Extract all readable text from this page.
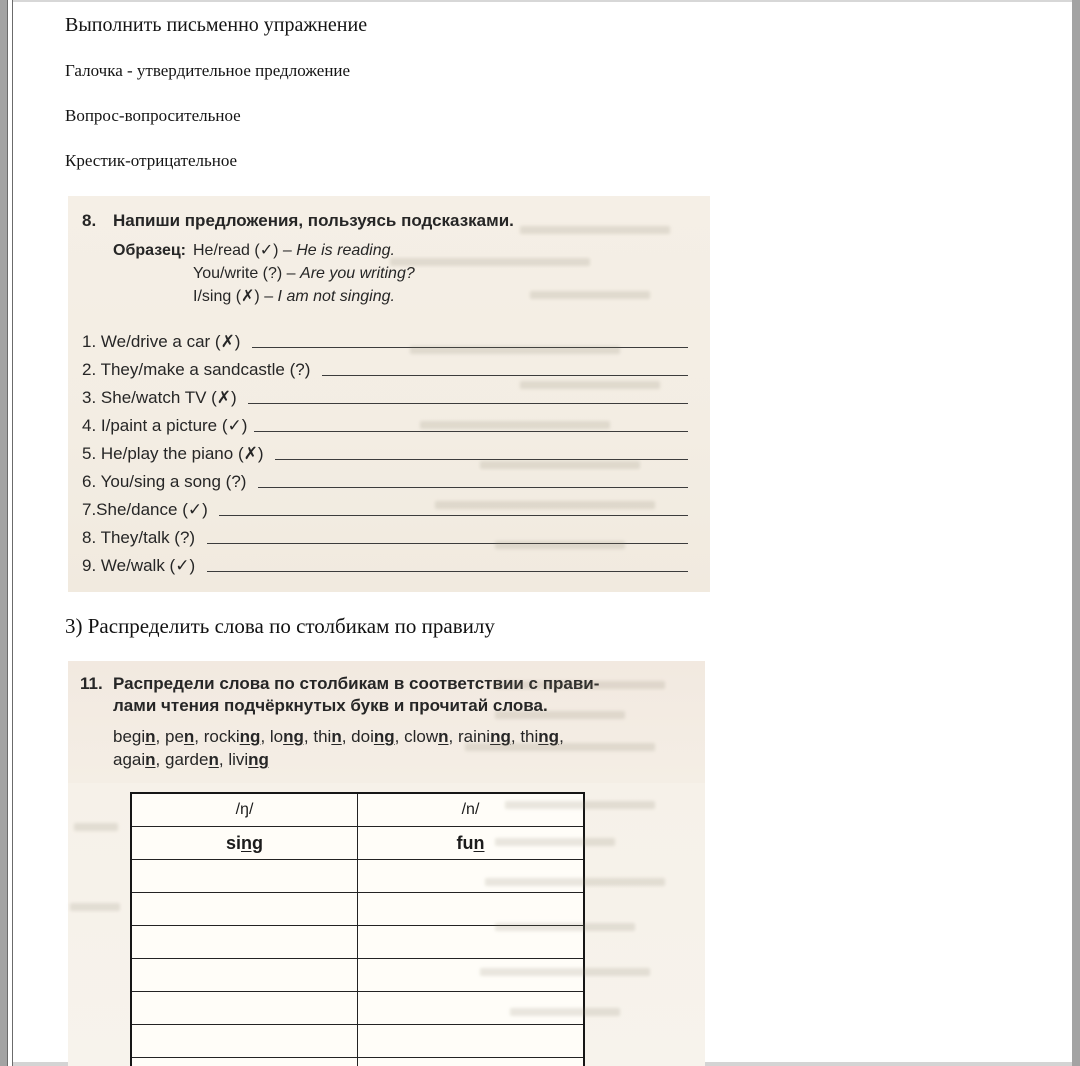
Выполнить письменно упражнение

Галочка - утвердительное предложение

Вопрос-вопросительное

Крестик-отрицательное

8. Напиши предложения, пользуясь подсказками.
Образец: He/read (✓) – He is reading.
You/write (?) – Are you writing?
I/sing (✗) – I am not singing.
1. We/drive a car (✗)
2. They/make a sandcastle (?)
3. She/watch TV (✗)
4. I/paint a picture (✓)
5. He/play the piano (✗)
6. You/sing a song (?)
7.She/dance (✓)
8. They/talk (?)
9. We/walk (✓)
3) Распределить слова по столбикам по правилу
11. Распредели слова по столбикам в соответствии с прави-
лами чтения подчёркнутых букв и прочитай слова.
begin, pen, rocking, long, thin, doing, clown, raining, thing,
again, garden, living
/ŋ/	/n/
sing	fun
